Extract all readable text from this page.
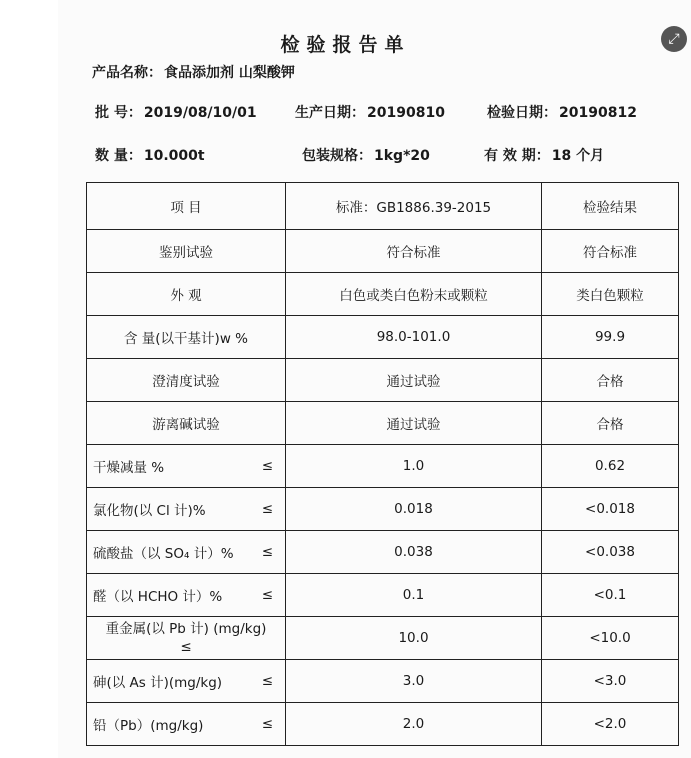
⤢
检验报告单
产品名称： 食品添加剂 山梨酸钾
批 号： 2019/08/10/01	生产日期： 20190810	检验日期： 20190812
数 量： 10.000t	包装规格： 1kg*20	有 效 期： 18 个月
项 目	标准：GB1886.39-2015	检验结果
鉴别试验	符合标准	符合标准
外 观	白色或类白色粉末或颗粒	类白色颗粒
含 量(以干基计)w %	98.0-101.0	99.9
澄清度试验	通过试验	合格
游离碱试验	通过试验	合格

干燥减量 % ≤	1.0	0.62

氯化物(以 Cl 计)% ≤	0.018	<0.018

硫酸盐（以 SO₄ 计）% ≤	0.038	<0.038

醛（以 HCHO 计）% ≤	0.1	<0.1
重金属(以 Pb 计) (mg/kg)
≤	10.0	<10.0

砷(以 As 计)(mg/kg) ≤	3.0	<3.0

铅（Pb）(mg/kg) ≤	2.0	<2.0
